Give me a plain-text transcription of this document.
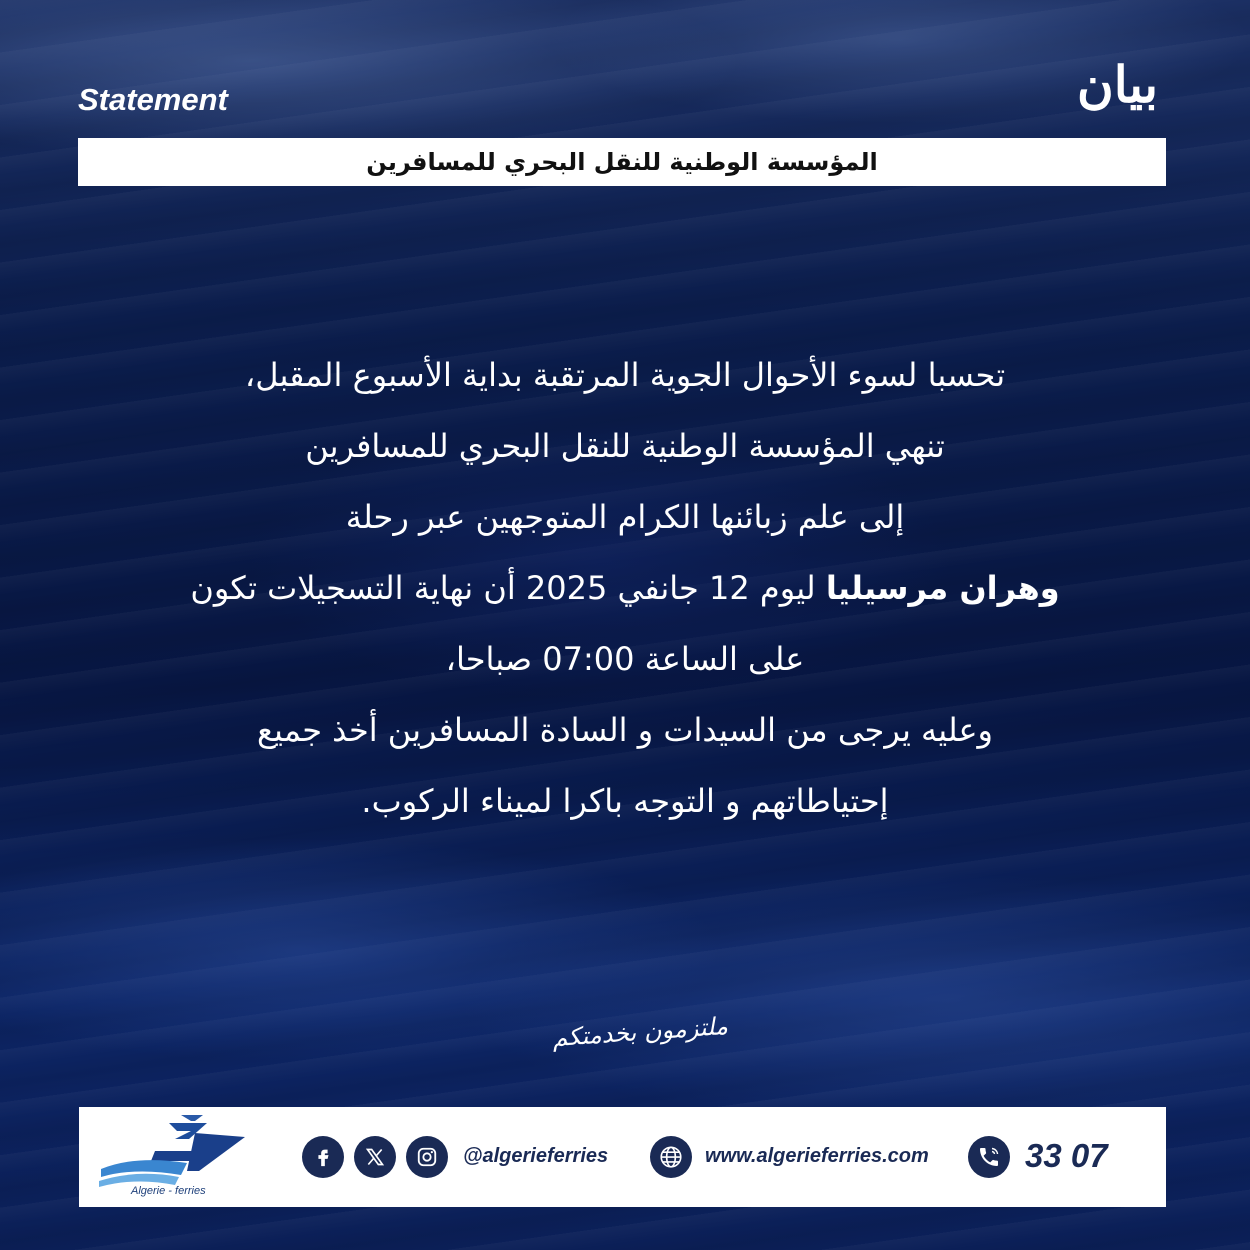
Statement	بيان

المؤسسة الوطنية للنقل البحري للمسافرين
تحسبا لسوء الأحوال الجوية المرتقبة بداية الأسبوع المقبل،
تنهي المؤسسة الوطنية للنقل البحري للمسافرين
إلى علم زبائنها الكرام المتوجهين عبر رحلة
وهران مرسيليا ليوم 12 جانفي 2025 أن نهاية التسجيلات تكون
على الساعة 07:00 صباحا،
وعليه يرجى من السيدات و السادة المسافرين أخذ جميع
إحتياطاتهم و التوجه باكرا لميناء الركوب.
ملتزمون بخدمتكم
Algerie - ferries
@algerieferries	www.algerieferries.com	33 07
